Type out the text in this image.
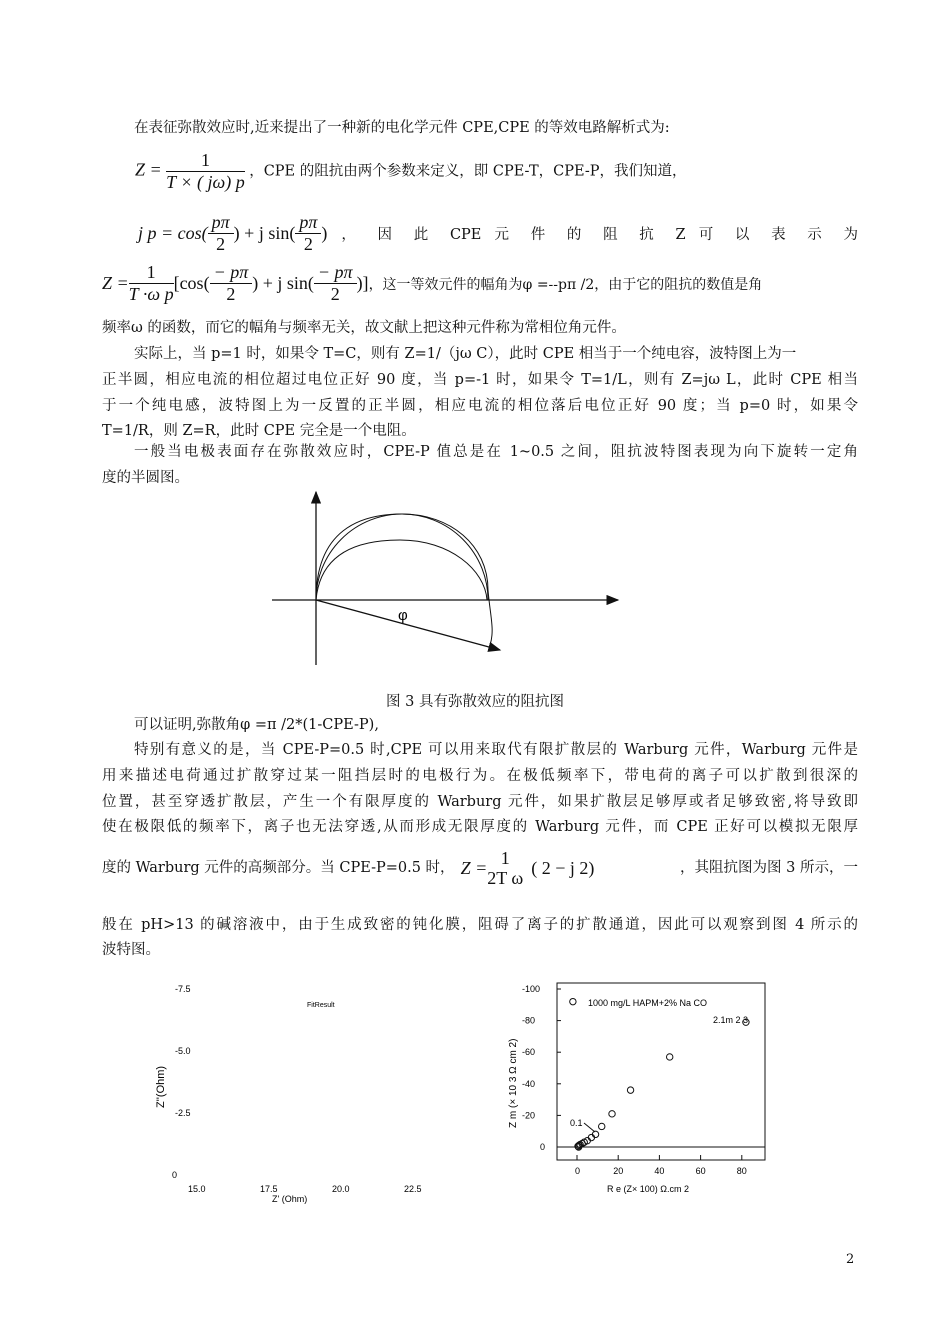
在表征弥散效应时,近来提出了一种新的电化学元件 CPE,CPE 的等效电路解析式为:
$Z = \frac{1}{T \times ( j\omega) p}$ ，CPE 的阻抗由两个参数来定义，即 CPE-T，CPE-P，我们知道，
j $p = \cos( \frac{p\pi}{2}$ ) + j $\sin( \frac{p\pi}{2}$ ) ， 因 此 CPE 元 件 的 阻 抗 Z 可 以 表 示 为
$Z = \frac{1}{\text{T ·ω p}} [\cos( \frac{- p\pi}{2}$ ) + j $\sin( \frac{- p\pi}{2}$ )] ，这一等效元件的幅角为φ =--pπ /2，由于它的阻抗的数值是角
频率ω 的函数，而它的幅角与频率无关，故文献上把这种元件称为常相位角元件。
实际上，当 p=1 时，如果令 T=C，则有 Z=1/（jω C），此时 CPE 相当于一个纯电容，波特图上为一
正半圆，相应电流的相位超过电位正好 90 度，当 p=-1 时，如果令 T=1/L，则有 Z=jω L，此时 CPE 相当
于一个纯电感，波特图上为一反置的正半圆，相应电流的相位落后电位正好 90 度；当 p=0 时，如果令
T=1/R，则 Z=R，此时 CPE 完全是一个电阻。
一般当电极表面存在弥散效应时，CPE-P 值总是在 1~0.5 之间，阻抗波特图表现为向下旋转一定角
度的半圆图。
φ
图 3 具有弥散效应的阻抗图
可以证明,弥散角φ =π /2*(1-CPE-P),
特别有意义的是，当 CPE-P=0.5 时,CPE 可以用来取代有限扩散层的 Warburg 元件，Warburg 元件是
用来描述电荷通过扩散穿过某一阻挡层时的电极行为。在极低频率下，带电荷的离子可以扩散到很深的
位置，甚至穿透扩散层，产生一个有限厚度的 Warburg 元件，如果扩散层足够厚或者足够致密,将导致即
使在极限低的频率下，离子也无法穿透,从而形成无限厚度的 Warburg 元件，而 CPE 正好可以模拟无限厚
度的 Warburg 元件的高频部分。当 CPE-P=0.5 时， Z = 1
2T ω ( 2 − j 2)	，其阻抗图为图 3 所示，一
般在 pH>13 的碱溶液中，由于生成致密的钝化膜，阻碍了离子的扩散通道，因此可以观察到图 4 所示的
波特图。
FitResult
Z' (Ohm)
-7.5
-5.0
-2.5
0
15.0	17.5	20.0	22.5
Z''(Ohm)
-100
-80
-60
-40
-20
0
0	20	40	60	80
1000 mg/L HAPM+2% Na CO
2.1m 2 3
0.1
R e (Z× 100) Ω.cm 2
Z m (× 10 3 Ω cm 2)
2
